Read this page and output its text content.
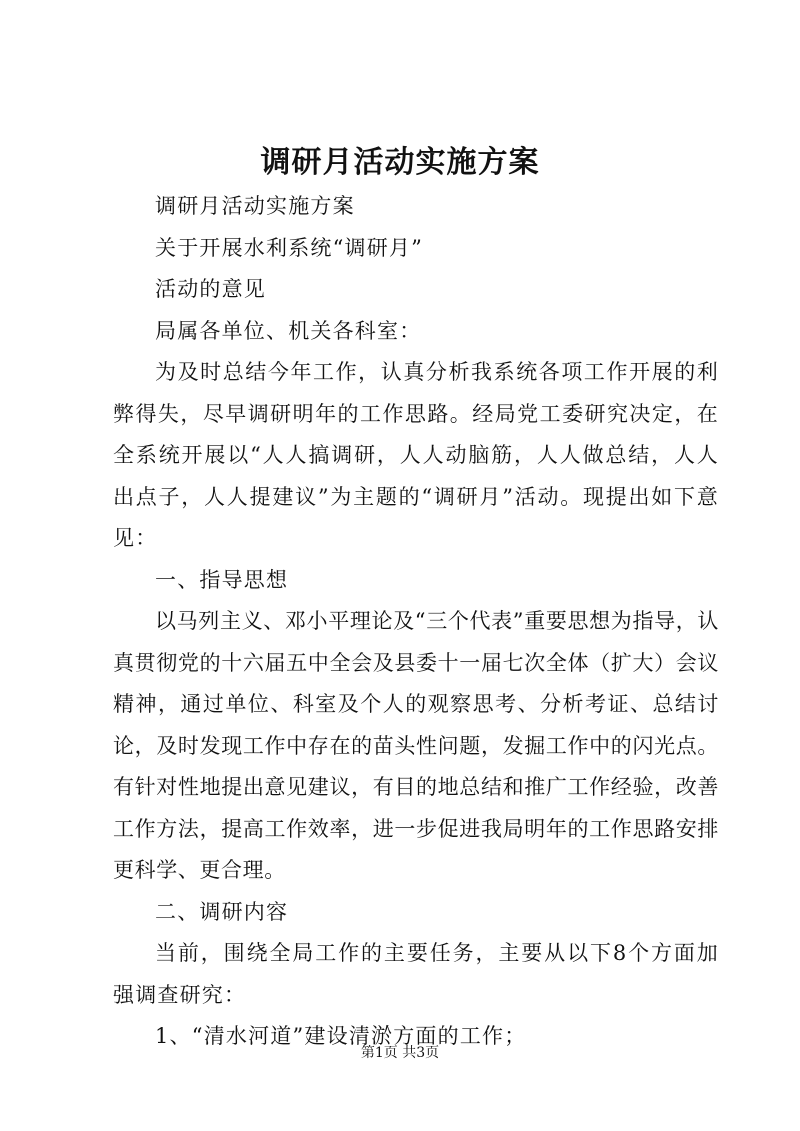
调研月活动实施方案

调研月活动实施方案

关于开展水利系统“调研月”

活动的意见

局属各单位、机关各科室：

为及时总结今年工作，认真分析我系统各项工作开展的利弊得失，尽早调研明年的工作思路。经局党工委研究决定，在全系统开展以“人人搞调研，人人动脑筋，人人做总结，人人出点子，人人提建议”为主题的“调研月”活动。现提出如下意见：

一、指导思想

以马列主义、邓小平理论及“三个代表”重要思想为指导，认真贯彻党的十六届五中全会及县委十一届七次全体（扩大）会议精神，通过单位、科室及个人的观察思考、分析考证、总结讨论，及时发现工作中存在的苗头性问题，发掘工作中的闪光点。有针对性地提出意见建议，有目的地总结和推广工作经验，改善工作方法，提高工作效率，进一步促进我局明年的工作思路安排更科学、更合理。

二、调研内容

当前，围绕全局工作的主要任务，主要从以下8个方面加强调查研究：

1、“清水河道”建设清淤方面的工作；

第1页 共3页
